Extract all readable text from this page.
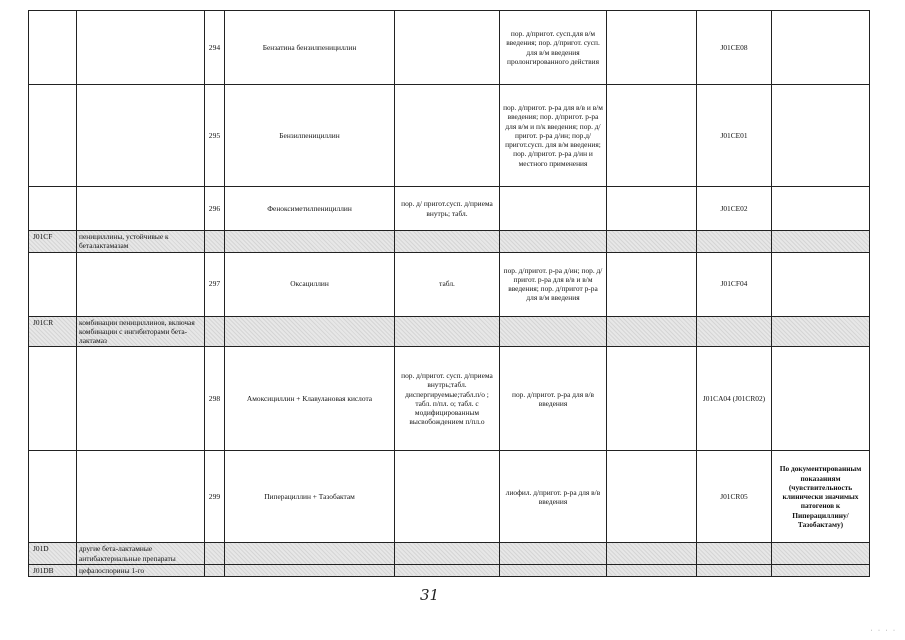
		294	Бензатина бензилпенициллин		пор. д/пригот. сусп.для в/м введения; пор. д/пригот. сусп. для в/м введения пролонгированного действия		J01CE08	
		295	Бензилпенициллин		пор. д/пригот. р-ра для в/в и в/м введения; пор. д/пригот. р-ра для в/м и п/к введения; пор. д/пригот. р-ра д/ин; пор.д/пригот.сусп. для в/м введения; пор. д/пригот. р-ра д/ин и местного применения		J01CE01	
		296	Феноксиметилпенициллин	пор. д/ пригот.сусп. д/приема внутрь; табл.			J01CE02	
J01CF	пенициллины, устойчивые к беталактамазам							
		297	Оксациллин	табл.	пор. д/пригот. р-ра д/ин; пор. д/пригот. р-ра для в/в и в/м введения; пор. д/пригот р-ра для в/м введения		J01CF04	
J01CR	комбинации пенициллинов, включая комбинации с ингибиторами бета-лактамаз							
		298	Амоксициллин + Клавулановая кислота	пор. д/пригот. сусп. д/приема внутрь;табл. диспергируемые;табл.п/о ; табл. п/пл. о; табл. с модифицированным высвобождением п/пл.о	пор. д/пригот. р-ра для в/в введения		J01CA04 (J01CR02)	
		299	Пиперациллин + Тазобактам		лиофил. д/пригот. р-ра для в/в введения		J01CR05	По документированным показаниям (чувствительность клинически значимых патогенов к Пиперациллину/Тазобактаму)
J01D	другие бета-лактамные антибактериальные препараты							
J01DB	цефалоспорины 1-го							
31
· · · ·
